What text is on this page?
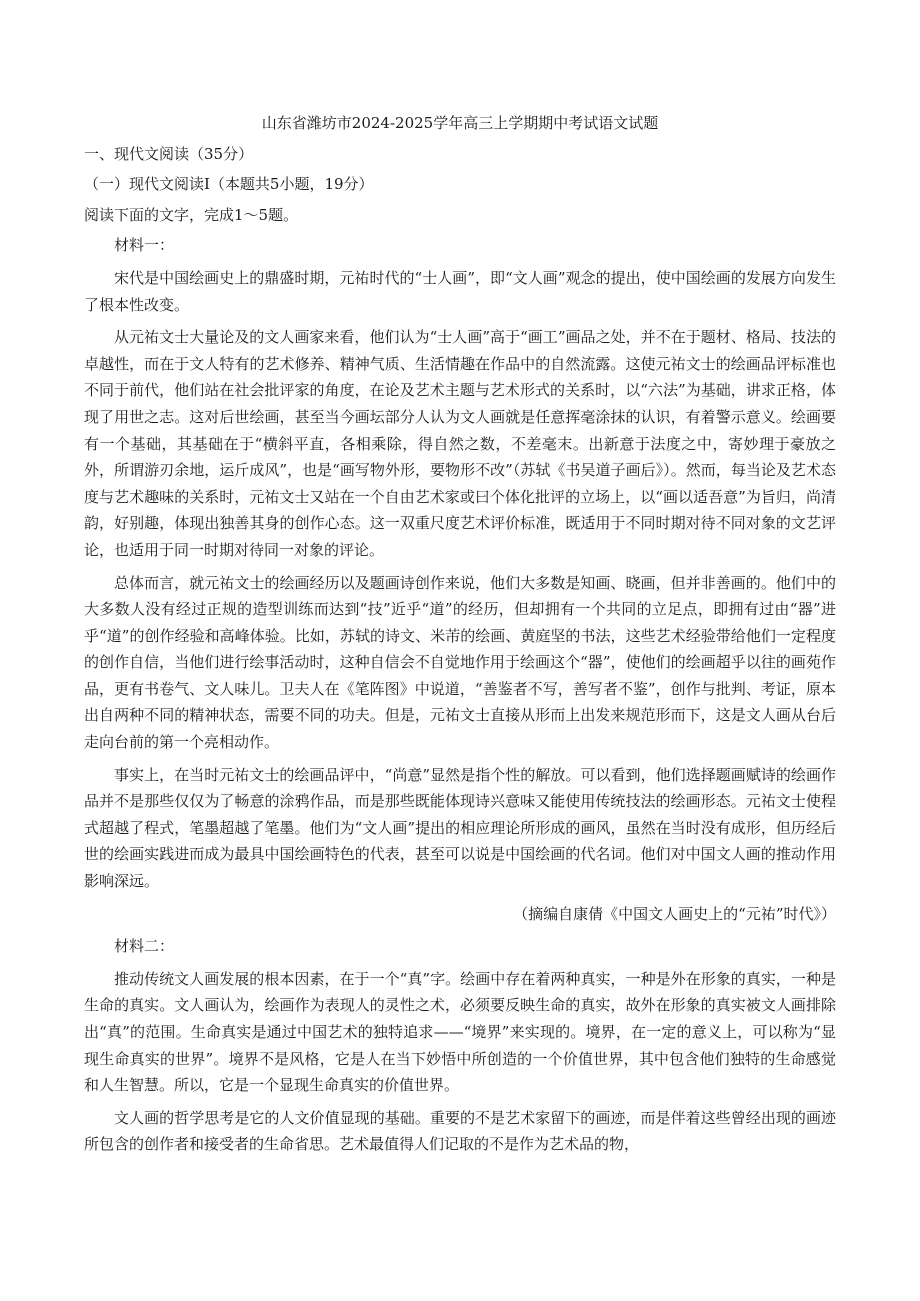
山东省潍坊市2024-2025学年高三上学期期中考试语文试题
一、现代文阅读（35分）
（一）现代文阅读Ⅰ（本题共5小题，19分）
阅读下面的文字，完成1～5题。
材料一：

宋代是中国绘画史上的鼎盛时期，元祐时代的“士人画”，即“文人画”观念的提出，使中国绘画的发展方向发生了根本性改变。

从元祐文士大量论及的文人画家来看，他们认为“士人画”高于“画工”画品之处，并不在于题材、格局、技法的卓越性，而在于文人特有的艺术修养、精神气质、生活情趣在作品中的自然流露。这使元祐文士的绘画品评标准也不同于前代，他们站在社会批评家的角度，在论及艺术主题与艺术形式的关系时，以“六法”为基础，讲求正格，体现了用世之志。这对后世绘画，甚至当今画坛部分人认为文人画就是任意挥毫涂抹的认识，有着警示意义。绘画要有一个基础，其基础在于“横斜平直，各相乘除，得自然之数，不差毫末。出新意于法度之中，寄妙理于豪放之外，所谓游刃余地，运斤成风”，也是“画写物外形，要物形不改”（苏轼《书吴道子画后》）。然而，每当论及艺术态度与艺术趣味的关系时，元祐文士又站在一个自由艺术家或曰个体化批评的立场上，以“画以适吾意”为旨归，尚清韵，好别趣，体现出独善其身的创作心态。这一双重尺度艺术评价标准，既适用于不同时期对待不同对象的文艺评论，也适用于同一时期对待同一对象的评论。

总体而言，就元祐文士的绘画经历以及题画诗创作来说，他们大多数是知画、晓画，但并非善画的。他们中的大多数人没有经过正规的造型训练而达到“技”近乎“道”的经历，但却拥有一个共同的立足点，即拥有过由“器”进乎“道”的创作经验和高峰体验。比如，苏轼的诗文、米芾的绘画、黄庭坚的书法，这些艺术经验带给他们一定程度的创作自信，当他们进行绘事活动时，这种自信会不自觉地作用于绘画这个“器”，使他们的绘画超乎以往的画苑作品，更有书卷气、文人味儿。卫夫人在《笔阵图》中说道，“善鉴者不写，善写者不鉴”，创作与批判、考证，原本出自两种不同的精神状态，需要不同的功夫。但是，元祐文士直接从形而上出发来规范形而下，这是文人画从台后走向台前的第一个亮相动作。

事实上，在当时元祐文士的绘画品评中，“尚意”显然是指个性的解放。可以看到，他们选择题画赋诗的绘画作品并不是那些仅仅为了畅意的涂鸦作品，而是那些既能体现诗兴意味又能使用传统技法的绘画形态。元祐文士使程式超越了程式，笔墨超越了笔墨。他们为“文人画”提出的相应理论所形成的画风，虽然在当时没有成形，但历经后世的绘画实践进而成为最具中国绘画特色的代表，甚至可以说是中国绘画的代名词。他们对中国文人画的推动作用影响深远。

（摘编自康倩《中国文人画史上的“元祐”时代》）
材料二：

推动传统文人画发展的根本因素，在于一个“真”字。绘画中存在着两种真实，一种是外在形象的真实，一种是生命的真实。文人画认为，绘画作为表现人的灵性之术，必须要反映生命的真实，故外在形象的真实被文人画排除出“真”的范围。生命真实是通过中国艺术的独特追求——“境界”来实现的。境界，在一定的意义上，可以称为“显现生命真实的世界”。境界不是风格，它是人在当下妙悟中所创造的一个价值世界，其中包含他们独特的生命感觉和人生智慧。所以，它是一个显现生命真实的价值世界。

文人画的哲学思考是它的人文价值显现的基础。重要的不是艺术家留下的画迹，而是伴着这些曾经出现的画迹所包含的创作者和接受者的生命省思。艺术最值得人们记取的不是作为艺术品的物，
